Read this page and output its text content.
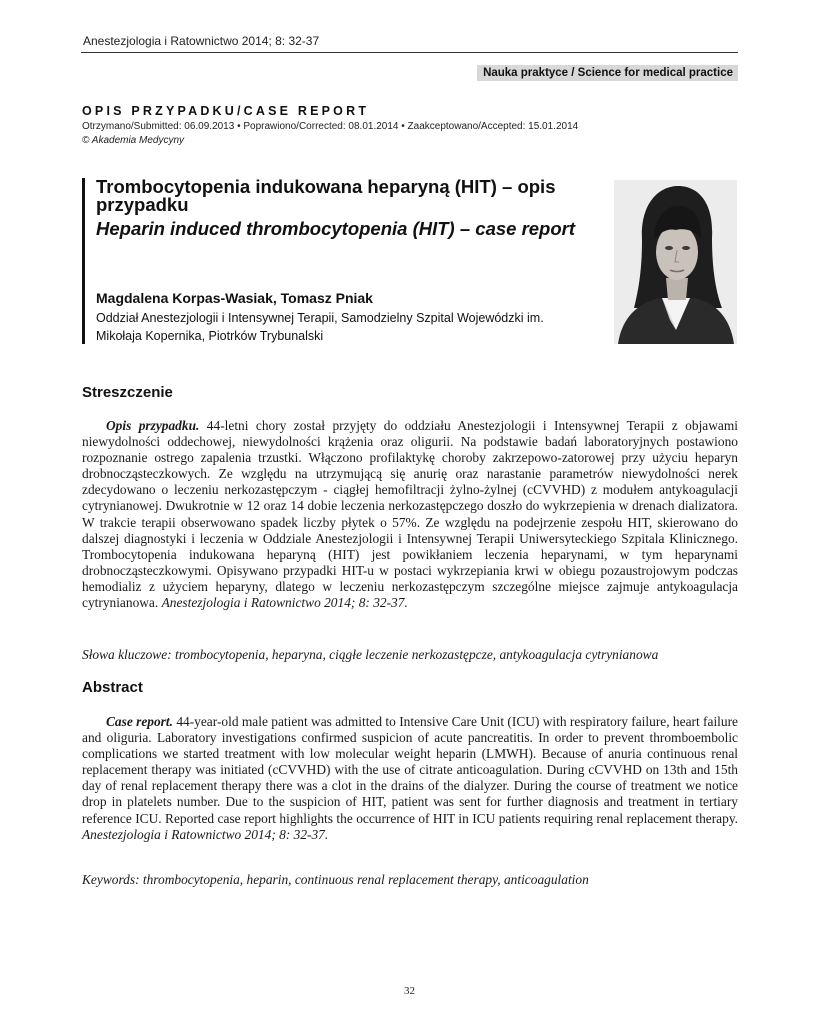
Anestezjologia i Ratownictwo 2014; 8: 32-37
Nauka praktyce / Science for medical practice
OPIS PRZYPADKU/CASE REPORT
Otrzymano/Submitted: 06.09.2013 • Poprawiono/Corrected: 08.01.2014 • Zaakceptowano/Accepted: 15.01.2014
© Akademia Medycyny
Trombocytopenia indukowana heparyną (HIT) – opis przypadku
Heparin induced thrombocytopenia (HIT) – case report
Magdalena Korpas-Wasiak, Tomasz Pniak
Oddział Anestezjologii i Intensywnej Terapii, Samodzielny Szpital Wojewódzki im. Mikołaja Kopernika, Piotrków Trybunalski
Streszczenie

Opis przypadku. 44-letni chory został przyjęty do oddziału Anestezjologii i Intensywnej Terapii z objawami niewydolności oddechowej, niewydolności krążenia oraz oligurii. Na podstawie badań laboratoryjnych postawiono rozpoznanie ostrego zapalenia trzustki. Włączono profilaktykę choroby zakrzepowo-zatorowej przy użyciu heparyn drobnocząsteczkowych. Ze względu na utrzymującą się anurię oraz narastanie parametrów niewydolności nerek zdecydowano o leczeniu nerkozastępczym - ciągłej hemofiltracji żylno-żylnej (cCVVHD) z modułem antykoagulacji cytrynianowej. Dwukrotnie w 12 oraz 14 dobie leczenia nerkozastępczego doszło do wykrzepienia w drenach dializatora. W trakcie terapii obserwowano spadek liczby płytek o 57%. Ze względu na podejrzenie zespołu HIT, skierowano do dalszej diagnostyki i leczenia w Oddziale Anestezjologii i Intensywnej Terapii Uniwersyteckiego Szpitala Klinicznego. Trombocytopenia indukowana heparyną (HIT) jest powikłaniem leczenia heparynami, w tym heparynami drobnocząsteczkowymi. Opisywano przypadki HIT-u w postaci wykrzepiania krwi w obiegu pozaustrojowym podczas hemodializ z użyciem heparyny, dlatego w leczeniu nerkozastępczym szczególne miejsce zajmuje antykoagulacja cytrynianowa. Anestezjologia i Ratownictwo 2014; 8: 32-37.

Słowa kluczowe: trombocytopenia, heparyna, ciągłe leczenie nerkozastępcze, antykoagulacja cytrynianowa

Abstract

Case report. 44-year-old male patient was admitted to Intensive Care Unit (ICU) with respiratory failure, heart failure and oliguria. Laboratory investigations confirmed suspicion of acute pancreatitis. In order to prevent thromboembolic complications we started treatment with low molecular weight heparin (LMWH). Because of anuria continuous renal replacement therapy was initiated (cCVVHD) with the use of citrate anticoagulation. During cCVVHD on 13th and 15th day of renal replacement therapy there was a clot in the drains of the dialyzer. During the course of treatment we notice drop in platelets number. Due to the suspicion of HIT, patient was sent for further diagnosis and treatment in tertiary reference ICU. Reported case report highlights the occurrence of HIT in ICU patients requiring renal replacement therapy. Anestezjologia i Ratownictwo 2014; 8: 32-37.

Keywords: thrombocytopenia, heparin, continuous renal replacement therapy, anticoagulation

32
